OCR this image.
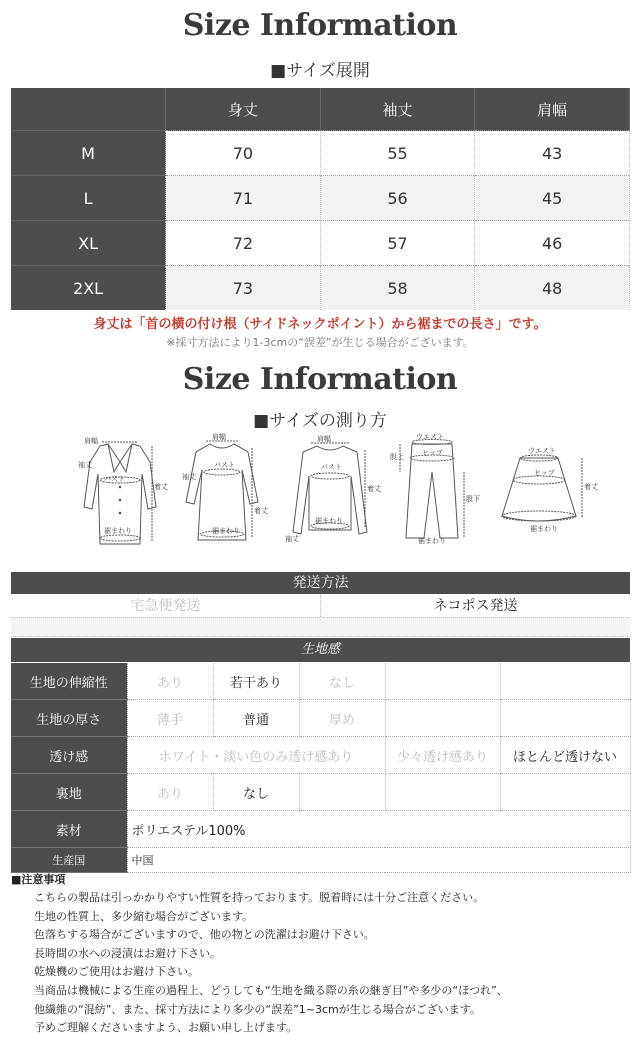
Size Information
■サイズ展開
	身丈	袖丈	肩幅
M	70	55	43
L	71	56	45
XL	72	57	46
2XL	73	58	48
身丈は「首の横の付け根（サイドネックポイント）から裾までの長さ」です。
※採寸方法により1-3cmの“誤差”が生じる場合がございます。
Size Information
■サイズの測り方
肩幅
袖丈
バスト
着丈
裾まわり
肩幅
バスト
袖丈
着丈
裾まわり
肩幅
バスト
着丈
袖丈
裾まわり
ウエスト
ヒップ
股上
股下
裾まわり
ウエスト
ヒップ
着丈
裾まわり
発送方法
宅急便発送	ネコポス発送
生地感
生地の伸縮性	あり	若干あり	なし		
生地の厚さ	薄手	普通	厚め		
透け感	ホワイト・淡い色のみ透け感あり			少々透け感あり	ほとんど透けない
裏地	あり	なし			
素材	ポリエステル100%				
生産国	中国				
■注意事項
こちらの製品は引っかかりやすい性質を持っております。脱着時には十分ご注意ください。
生地の性質上、多少縮む場合がございます。
色落ちする場合がございますので、他の物との洗濯はお避け下さい。
長時間の水への浸漬はお避け下さい。
乾燥機のご使用はお避け下さい。
当商品は機械による生産の過程上、どうしても“生地を織る際の糸の継ぎ目”や多少の“ほつれ”、
他繊維の“混紡”、また、採寸方法により多少の“誤差”1~3cmが生じる場合がございます。
予めご理解くださいますよう、お願い申し上げます。
